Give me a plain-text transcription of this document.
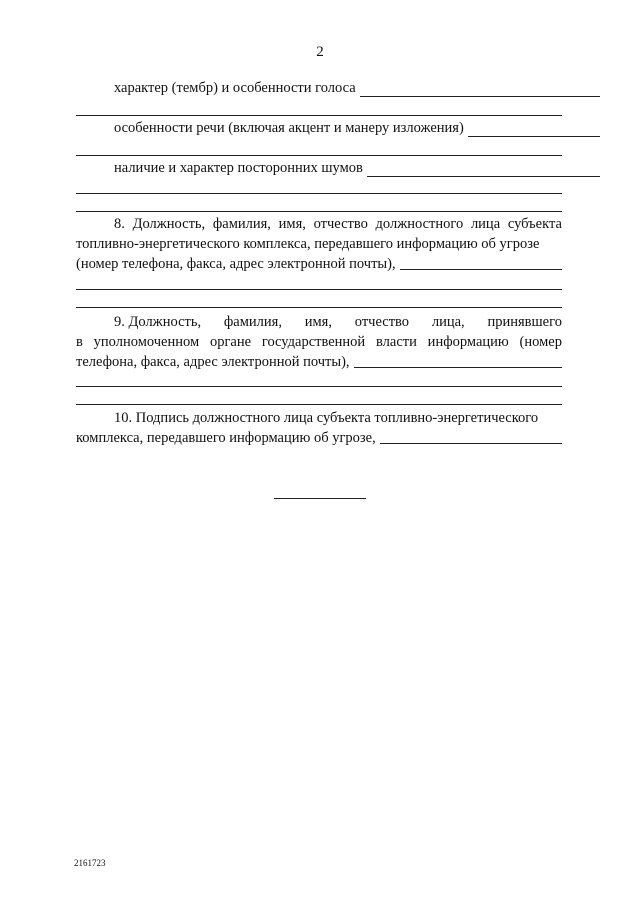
2
характер (тембр) и особенности голоса
особенности речи (включая акцент и манеру изложения)
наличие и характер посторонних шумов
8. Должность, фамилия, имя, отчество должностного лица субъекта
топливно-энергетического комплекса, передавшего информацию об угрозе
(номер телефона, факса, адрес электронной почты),
9. Должность, фамилия, имя, отчество лица, принявшего
в уполномоченном органе государственной власти информацию (номер
телефона, факса, адрес электронной почты),
10. Подпись должностного лица субъекта топливно-энергетического
комплекса, передавшего информацию об угрозе,
2161723
